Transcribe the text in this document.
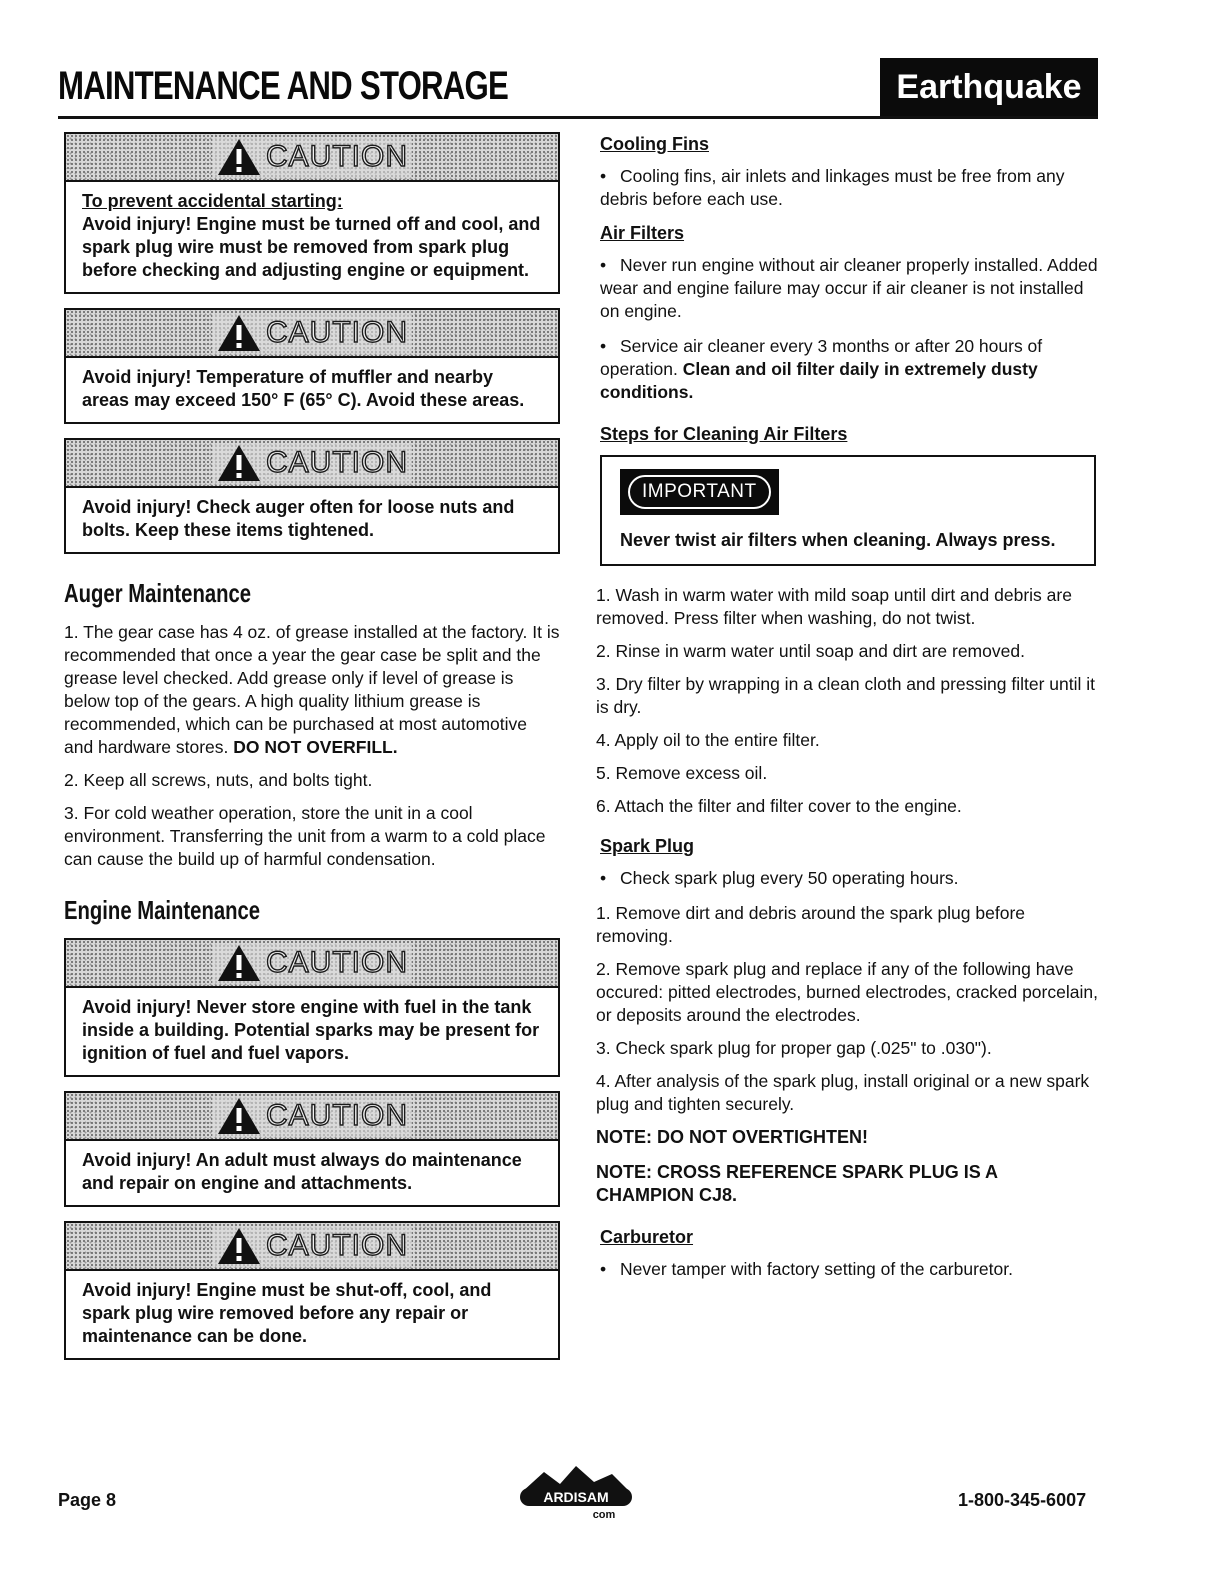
MAINTENANCE AND STORAGE	Earthquake
CAUTION
To prevent accidental starting:
Avoid injury! Engine must be turned off and cool, and spark plug wire must be removed from spark plug before checking and adjusting engine or equipment.
CAUTION
Avoid injury! Temperature of muffler and nearby areas may exceed 150° F (65° C). Avoid these areas.
CAUTION
Avoid injury! Check auger often for loose nuts and bolts. Keep these items tightened.
Auger Maintenance

1. The gear case has 4 oz. of grease installed at the factory. It is recommended that once a year the gear case be split and the grease level checked. Add grease only if level of grease is below top of the gears. A high quality lithium grease is recommended, which can be purchased at most automotive and hardware stores. DO NOT OVERFILL.

2. Keep all screws, nuts, and bolts tight.

3. For cold weather operation, store the unit in a cool environment. Transferring the unit from a warm to a cold place can cause the build up of harmful condensation.

Engine Maintenance
CAUTION
Avoid injury! Never store engine with fuel in the tank inside a building. Potential sparks may be present for ignition of fuel and fuel vapors.
CAUTION
Avoid injury! An adult must always do maintenance and repair on engine and attachments.
CAUTION
Avoid injury! Engine must be shut-off, cool, and spark plug wire removed before any repair or maintenance can be done.
Cooling Fins
• Cooling fins, air inlets and linkages must be free from any debris before each use.
Air Filters
• Never run engine without air cleaner properly installed. Added wear and engine failure may occur if air cleaner is not installed on engine.
• Service air cleaner every 3 months or after 20 hours of operation. Clean and oil filter daily in extremely dusty conditions.
Steps for Cleaning Air Filters
IMPORTANT
Never twist air filters when cleaning. Always press.

1. Wash in warm water with mild soap until dirt and debris are removed. Press filter when washing, do not twist.

2. Rinse in warm water until soap and dirt are removed.

3. Dry filter by wrapping in a clean cloth and pressing filter until it is dry.

4. Apply oil to the entire filter.

5. Remove excess oil.

6. Attach the filter and filter cover to the engine.

Spark Plug
• Check spark plug every 50 operating hours.

1. Remove dirt and debris around the spark plug before removing.

2. Remove spark plug and replace if any of the following have occured: pitted electrodes, burned electrodes, cracked porcelain, or deposits around the electrodes.

3. Check spark plug for proper gap (.025" to .030").

4. After analysis of the spark plug, install original or a new spark plug and tighten securely.

NOTE: DO NOT OVERTIGHTEN!
NOTE: CROSS REFERENCE SPARK PLUG IS A CHAMPION CJ8.
Carburetor
• Never tamper with factory setting of the carburetor.
Page 8	ARDISAM
com
1-800-345-6007
